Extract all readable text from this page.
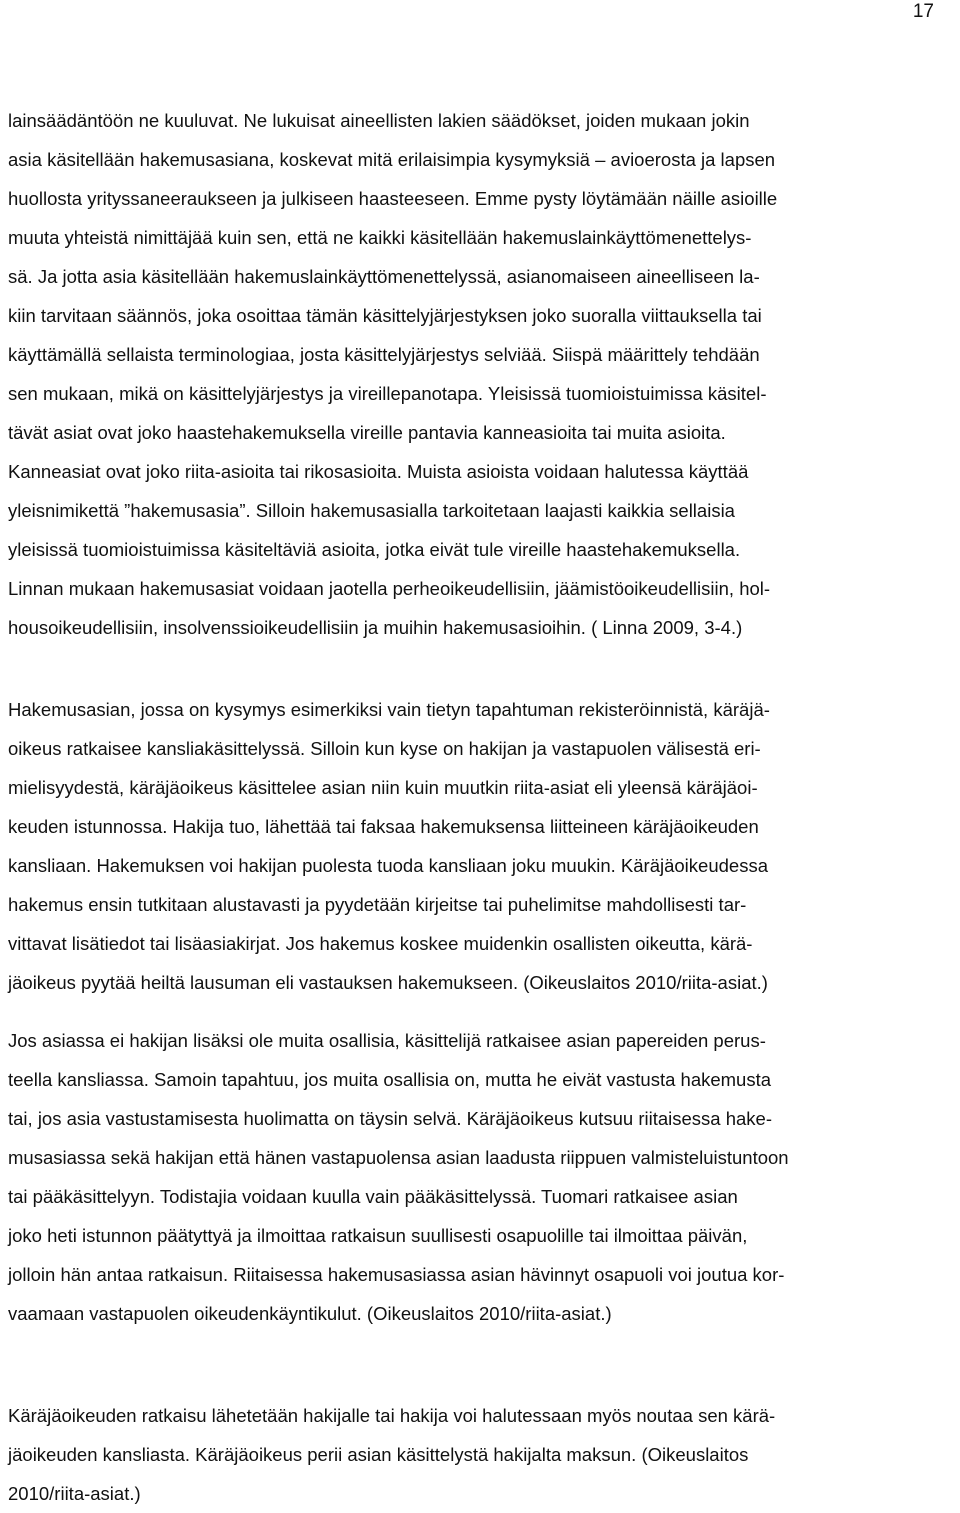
17
lainsäädäntöön ne kuuluvat. Ne lukuisat aineellisten lakien säädökset, joiden mukaan jokin
asia käsitellään hakemusasiana, koskevat mitä erilaisimpia kysymyksiä – avioerosta ja lapsen
huollosta yrityssaneeraukseen ja julkiseen haasteeseen. Emme pysty löytämään näille asioille
muuta yhteistä nimittäjää kuin sen, että ne kaikki käsitellään hakemuslainkäyttömenettelys-
sä. Ja jotta asia käsitellään hakemuslainkäyttömenettelyssä, asianomaiseen aineelliseen la-
kiin tarvitaan säännös, joka osoittaa tämän käsittelyjärjestyksen joko suoralla viittauksella tai
käyttämällä sellaista terminologiaa, josta käsittelyjärjestys selviää. Siispä määrittely tehdään
sen mukaan, mikä on käsittelyjärjestys ja vireillepanotapa. Yleisissä tuomioistuimissa käsitel-
tävät asiat ovat joko haastehakemuksella vireille pantavia kanneasioita tai muita asioita.
Kanneasiat ovat joko riita-asioita tai rikosasioita. Muista asioista voidaan halutessa käyttää
yleisnimikettä ”hakemusasia”. Silloin hakemusasialla tarkoitetaan laajasti kaikkia sellaisia
yleisissä tuomioistuimissa käsiteltäviä asioita, jotka eivät tule vireille haastehakemuksella.
Linnan mukaan hakemusasiat voidaan jaotella perheoikeudellisiin, jäämistöoikeudellisiin, hol-
housoikeudellisiin, insolvenssioikeudellisiin ja muihin hakemusasioihin. ( Linna 2009, 3-4.)
Hakemusasian, jossa on kysymys esimerkiksi vain tietyn tapahtuman rekisteröinnistä, käräjä-
oikeus ratkaisee kansliakäsittelyssä. Silloin kun kyse on hakijan ja vastapuolen välisestä eri-
mielisyydestä, käräjäoikeus käsittelee asian niin kuin muutkin riita-asiat eli yleensä käräjäoi-
keuden istunnossa. Hakija tuo, lähettää tai faksaa hakemuksensa liitteineen käräjäoikeuden
kansliaan. Hakemuksen voi hakijan puolesta tuoda kansliaan joku muukin. Käräjäoikeudessa
hakemus ensin tutkitaan alustavasti ja pyydetään kirjeitse tai puhelimitse mahdollisesti tar-
vittavat lisätiedot tai lisäasiakirjat. Jos hakemus koskee muidenkin osallisten oikeutta, kärä-
jäoikeus pyytää heiltä lausuman eli vastauksen hakemukseen. (Oikeuslaitos 2010/riita-asiat.)
Jos asiassa ei hakijan lisäksi ole muita osallisia, käsittelijä ratkaisee asian papereiden perus-
teella kansliassa. Samoin tapahtuu, jos muita osallisia on, mutta he eivät vastusta hakemusta
tai, jos asia vastustamisesta huolimatta on täysin selvä. Käräjäoikeus kutsuu riitaisessa hake-
musasiassa sekä hakijan että hänen vastapuolensa asian laadusta riippuen valmisteluistuntoon
tai pääkäsittelyyn. Todistajia voidaan kuulla vain pääkäsittelyssä. Tuomari ratkaisee asian
joko heti istunnon päätyttyä ja ilmoittaa ratkaisun suullisesti osapuolille tai ilmoittaa päivän,
jolloin hän antaa ratkaisun. Riitaisessa hakemusasiassa asian hävinnyt osapuoli voi joutua kor-
vaamaan vastapuolen oikeudenkäyntikulut. (Oikeuslaitos 2010/riita-asiat.)
Käräjäoikeuden ratkaisu lähetetään hakijalle tai hakija voi halutessaan myös noutaa sen kärä-
jäoikeuden kansliasta. Käräjäoikeus perii asian käsittelystä hakijalta maksun. (Oikeuslaitos
2010/riita-asiat.)
